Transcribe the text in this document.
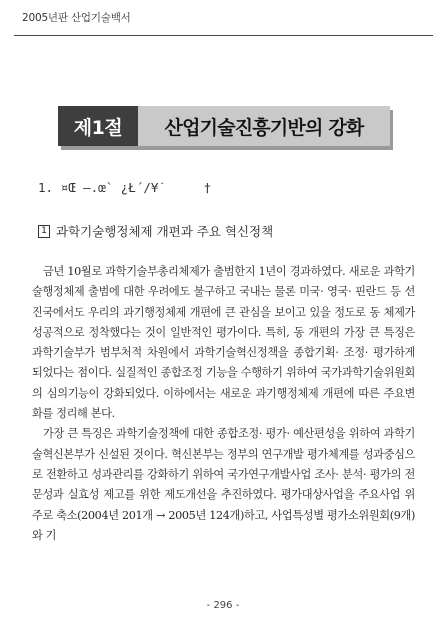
2005년판 산업기술백서
제1절	산업기술진흥기반의 강화
1. ¤Œ –.œ` ¿Ł´/¥˙     †
1 과학기술행정체제 개편과 주요 혁신정책

금년 10월로 과학기술부총리체제가 출범한지 1년이 경과하였다. 새로운 과학기술행정체제 출범에 대한 우려에도 불구하고 국내는 물론 미국· 영국· 핀란드 등 선진국에서도 우리의 과기행정체제 개편에 큰 관심을 보이고 있을 정도로 동 체제가 성공적으로 정착했다는 것이 일반적인 평가이다. 특히, 동 개편의 가장 큰 특징은 과학기술부가 범부처적 차원에서 과학기술혁신정책을 종합기획· 조정· 평가하게 되었다는 점이다. 실질적인 종합조정 기능을 수행하기 위하여 국가과학기술위원회의 심의기능이 강화되었다. 이하에서는 새로운 과기행정체제 개편에 따른 주요변화를 정리해 본다.

가장 큰 특징은 과학기술정책에 대한 종합조정· 평가· 예산편성을 위하여 과학기술혁신본부가 신설된 것이다. 혁신본부는 정부의 연구개발 평가체계를 성과중심으로 전환하고 성과관리를 강화하기 위하여 국가연구개발사업 조사· 분석· 평가의 전문성과 실효성 제고를 위한 제도개선을 추진하였다. 평가대상사업을 주요사업 위주로 축소(2004년 201개 → 2005년 124개)하고, 사업특성별 평가소위원회(9개)와 기

- 296 -
